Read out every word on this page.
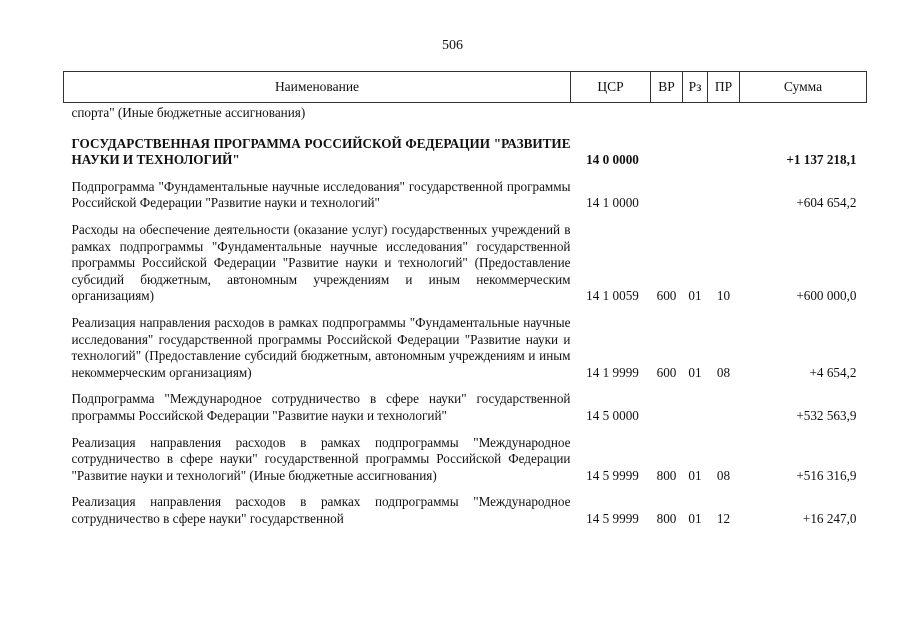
506
Наименование	ЦСР	ВР	Рз	ПР	Сумма
спорта" (Иные бюджетные ассигнования)					
ГОСУДАРСТВЕННАЯ ПРОГРАММА РОССИЙСКОЙ ФЕДЕРАЦИИ "РАЗВИТИЕ НАУКИ И ТЕХНОЛОГИЙ"	14 0 0000				+1 137 218,1
Подпрограмма "Фундаментальные научные исследования" государственной программы Российской Федерации "Развитие науки и технологий"	14 1 0000				+604 654,2
Расходы на обеспечение деятельности (оказание услуг) государственных учреждений в рамках подпрограммы "Фундаментальные научные исследования" государственной программы Российской Федерации "Развитие науки и технологий" (Предоставление субсидий бюджетным, автономным учреждениям и иным некоммерческим организациям)	14 1 0059	600	01	10	+600 000,0
Реализация направления расходов в рамках подпрограммы "Фундаментальные научные исследования" государственной программы Российской Федерации "Развитие науки и технологий" (Предоставление субсидий бюджетным, автономным учреждениям и иным некоммерческим организациям)	14 1 9999	600	01	08	+4 654,2
Подпрограмма "Международное сотрудничество в сфере науки" государственной программы Российской Федерации "Развитие науки и технологий"	14 5 0000				+532 563,9
Реализация направления расходов в рамках подпрограммы "Международное сотрудничество в сфере науки" государственной программы Российской Федерации "Развитие науки и технологий" (Иные бюджетные ассигнования)	14 5 9999	800	01	08	+516 316,9
Реализация направления расходов в рамках подпрограммы "Международное сотрудничество в сфере науки" государственной	14 5 9999	800	01	12	+16 247,0
